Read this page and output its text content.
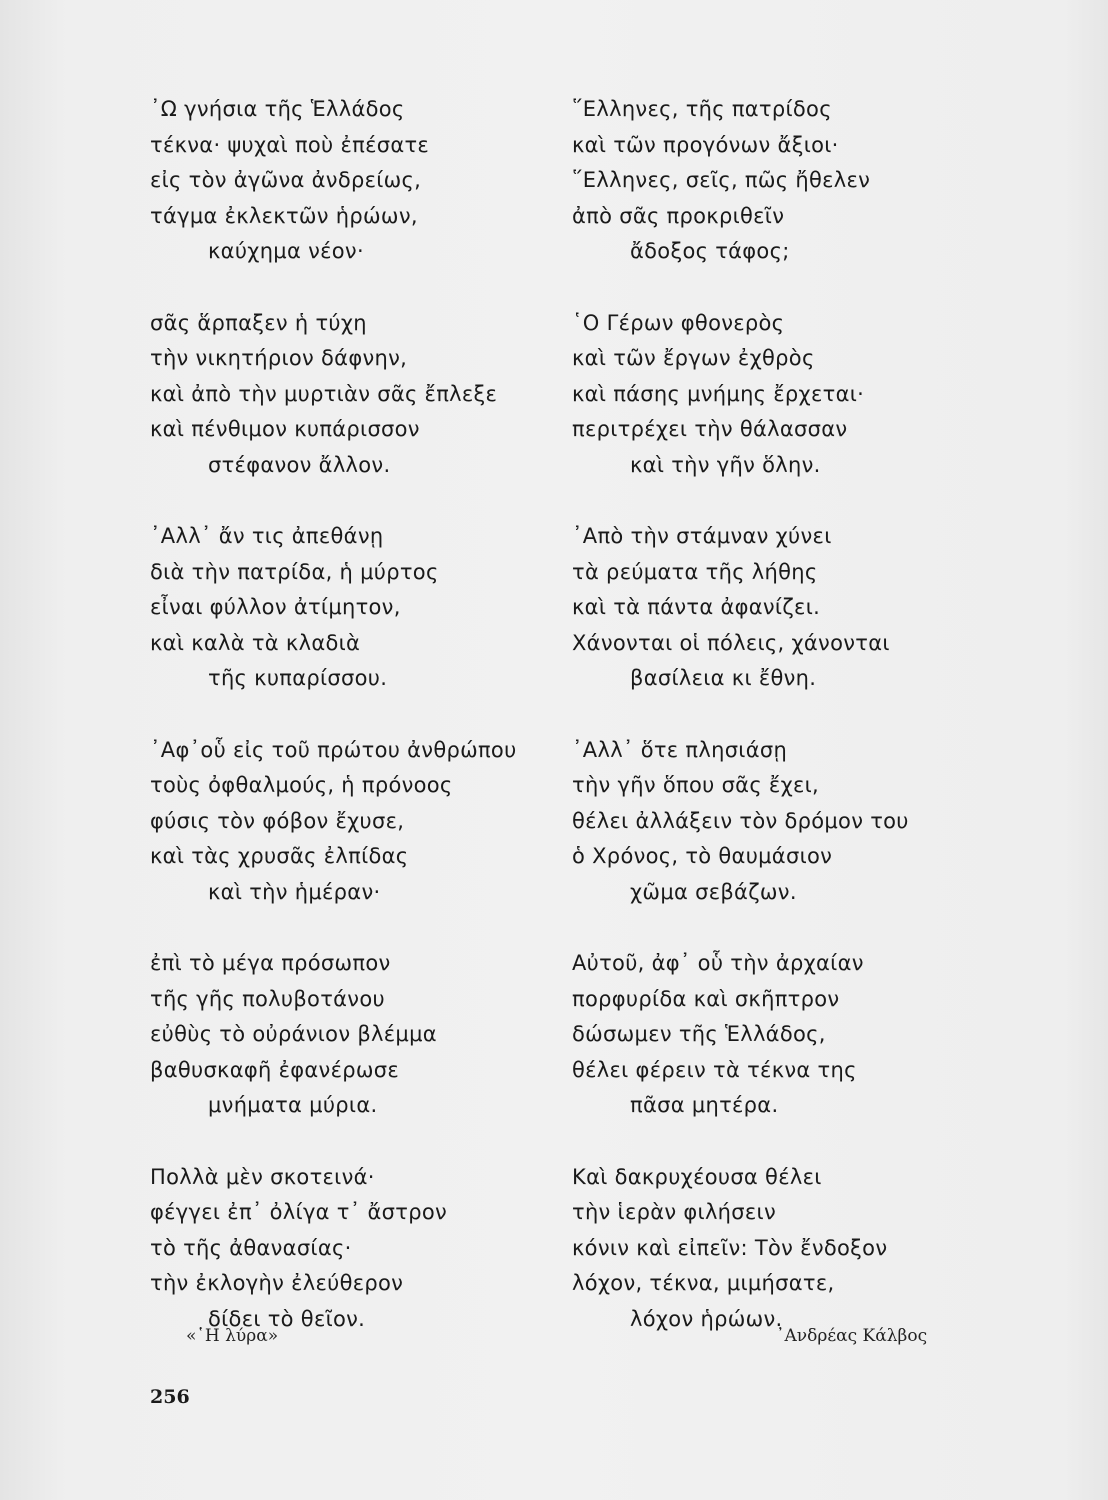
᾿Ω γνήσια τῆς Ἑλλάδος
τέκνα· ψυχαὶ ποὺ ἐπέσατε
εἰς τὸν ἀγῶνα ἀνδρείως,
τάγμα ἐκλεκτῶν ἡρώων,
καύχημα νέον·
σᾶς ἅρπαξεν ἡ τύχη
τὴν νικητήριον δάφνην,
καὶ ἀπὸ τὴν μυρτιὰν σᾶς ἔπλεξε
καὶ πένθιμον κυπάρισσον
στέφανον ἄλλον.
᾿Αλλ᾿ ἄν τις ἀπεθάνῃ
διὰ τὴν πατρίδα, ἡ μύρτος
εἶναι φύλλον ἀτίμητον,
καὶ καλὰ τὰ κλαδιὰ
τῆς κυπαρίσσου.
᾿Αφ᾿οὗ εἰς τοῦ πρώτου ἀνθρώπου
τοὺς ὀφθαλμούς, ἡ πρόνοος
φύσις τὸν φόβον ἔχυσε,
καὶ τὰς χρυσᾶς ἐλπίδας
καὶ τὴν ἡμέραν·
ἐπὶ τὸ μέγα πρόσωπον
τῆς γῆς πολυβοτάνου
εὐθὺς τὸ οὐράνιον βλέμμα
βαθυσκαφῆ ἐφανέρωσε
μνήματα μύρια.
Πολλὰ μὲν σκοτεινά·
φέγγει ἐπ᾿ ὀλίγα τ᾿ ἄστρον
τὸ τῆς ἀθανασίας·
τὴν ἐκλογὴν ἐλεύθερον
δίδει τὸ θεῖον.
῞Ελληνες, τῆς πατρίδος
καὶ τῶν προγόνων ἄξιοι·
῞Ελληνες, σεῖς, πῶς ἤθελεν
ἀπὸ σᾶς προκριθεῖν
ἄδοξος τάφος;
῾Ο Γέρων φθονερὸς
καὶ τῶν ἔργων ἐχθρὸς
καὶ πάσης μνήμης ἔρχεται·
περιτρέχει τὴν θάλασσαν
καὶ τὴν γῆν ὅλην.
᾿Απὸ τὴν στάμναν χύνει
τὰ ρεύματα τῆς λήθης
καὶ τὰ πάντα ἀφανίζει.
Χάνονται οἱ πόλεις, χάνονται
βασίλεια κι ἔθνη.
᾿Αλλ᾿ ὅτε πλησιάσῃ
τὴν γῆν ὅπου σᾶς ἔχει,
θέλει ἀλλάξειν τὸν δρόμον του
ὁ Χρόνος, τὸ θαυμάσιον
χῶμα σεβάζων.
Αὐτοῦ, ἀφ᾿ οὗ τὴν ἀρχαίαν
πορφυρίδα καὶ σκῆπτρον
δώσωμεν τῆς Ἑλλάδος,
θέλει φέρειν τὰ τέκνα της
πᾶσα μητέρα.
Καὶ δακρυχέουσα θέλει
τὴν ἱερὰν φιλήσειν
κόνιν καὶ εἰπεῖν: Τὸν ἔνδοξον
λόχον, τέκνα, μιμήσατε,
λόχον ἡρώων.
«῾Η λύρα»	᾿Ανδρέας Κάλβος
256
